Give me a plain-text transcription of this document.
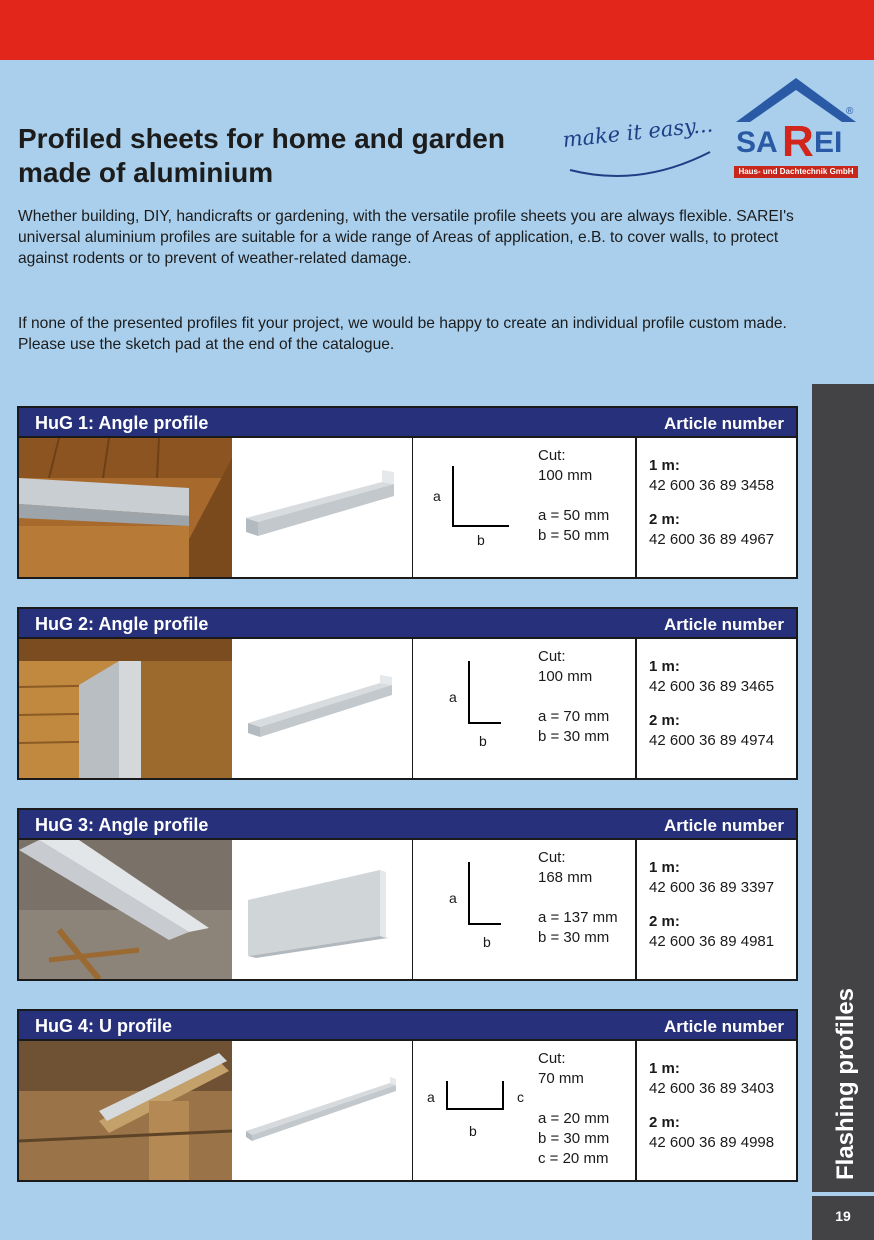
Profiled sheets for home and garden
made of aluminium
make it easy... SA R EI
®
Haus- und Dachtechnik GmbH

Whether building, DIY, handicrafts or gardening, with the versatile profile sheets you are always flexible. SAREI's universal aluminium profiles are suitable for a wide range of Areas of application, e.B. to cover walls, to protect against rodents or to prevent of weather-related damage.

If none of the presented profiles fit your project, we would be happy to create an individual profile custom made. Please use the sketch pad at the end of the catalogue.

HuG 1: Angle profile	Article number
a
b
Cut:
100 mm
a = 50 mm
b = 50 mm
1 m:
42 600 36 89 3458
2 m:
42 600 36 89 4967
HuG 2: Angle profile	Article number
a
b
Cut:
100 mm
a = 70 mm
b = 30 mm
1 m:
42 600 36 89 3465
2 m:
42 600 36 89 4974
HuG 3: Angle profile	Article number
a
b
Cut:
168 mm
a = 137 mm
b = 30 mm
1 m:
42 600 36 89 3397
2 m:
42 600 36 89 4981
HuG 4: U profile	Article number
a
b
c
Cut:
70 mm
a = 20 mm
b = 30 mm
c = 20 mm
1 m:
42 600 36 89 3403
2 m:
42 600 36 89 4998 Flashing profiles
19
